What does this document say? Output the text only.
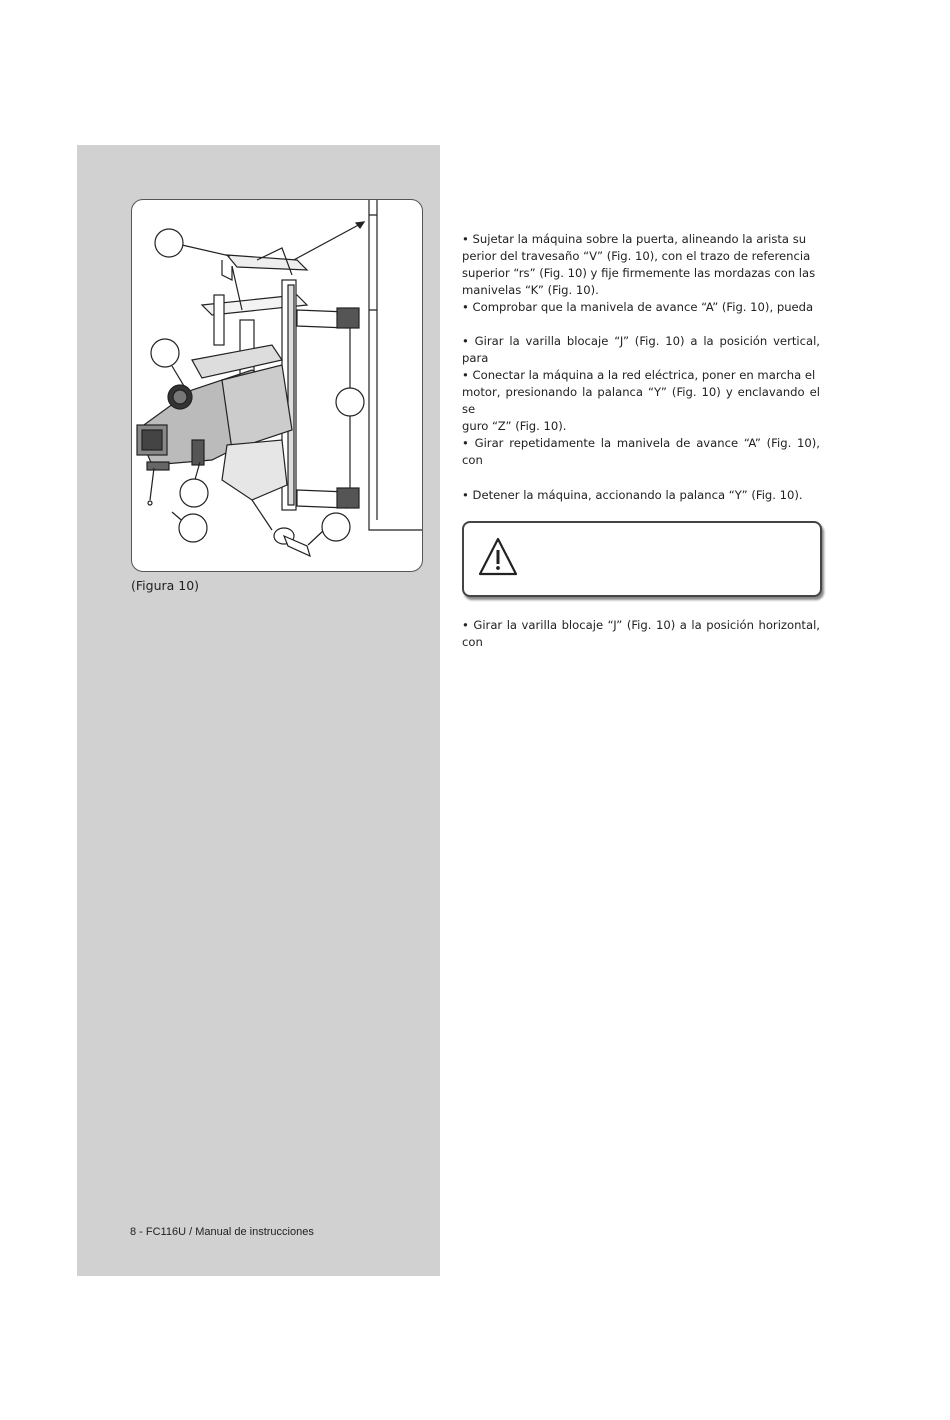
(Figura 10)

• Sujetar la máquina sobre la puerta, alineando la arista su

perior del travesaño “V” (Fig. 10), con el trazo de referencia

superior “rs” (Fig. 10) y fije firmemente las mordazas con las

manivelas “K” (Fig. 10).

• Comprobar que la manivela de avance “A” (Fig. 10), pueda

• Girar la varilla blocaje “J” (Fig. 10) a la posición vertical, para

• Conectar la máquina a la red eléctrica, poner en marcha el

motor, presionando la palanca “Y” (Fig. 10) y enclavando el se

guro “Z” (Fig. 10).

• Girar repetidamente la manivela de avance “A” (Fig. 10), con

• Detener la máquina, accionando la palanca “Y” (Fig. 10).

• Girar la varilla blocaje “J” (Fig. 10) a la posición horizontal, con

8 - FC116U / Manual de instrucciones
